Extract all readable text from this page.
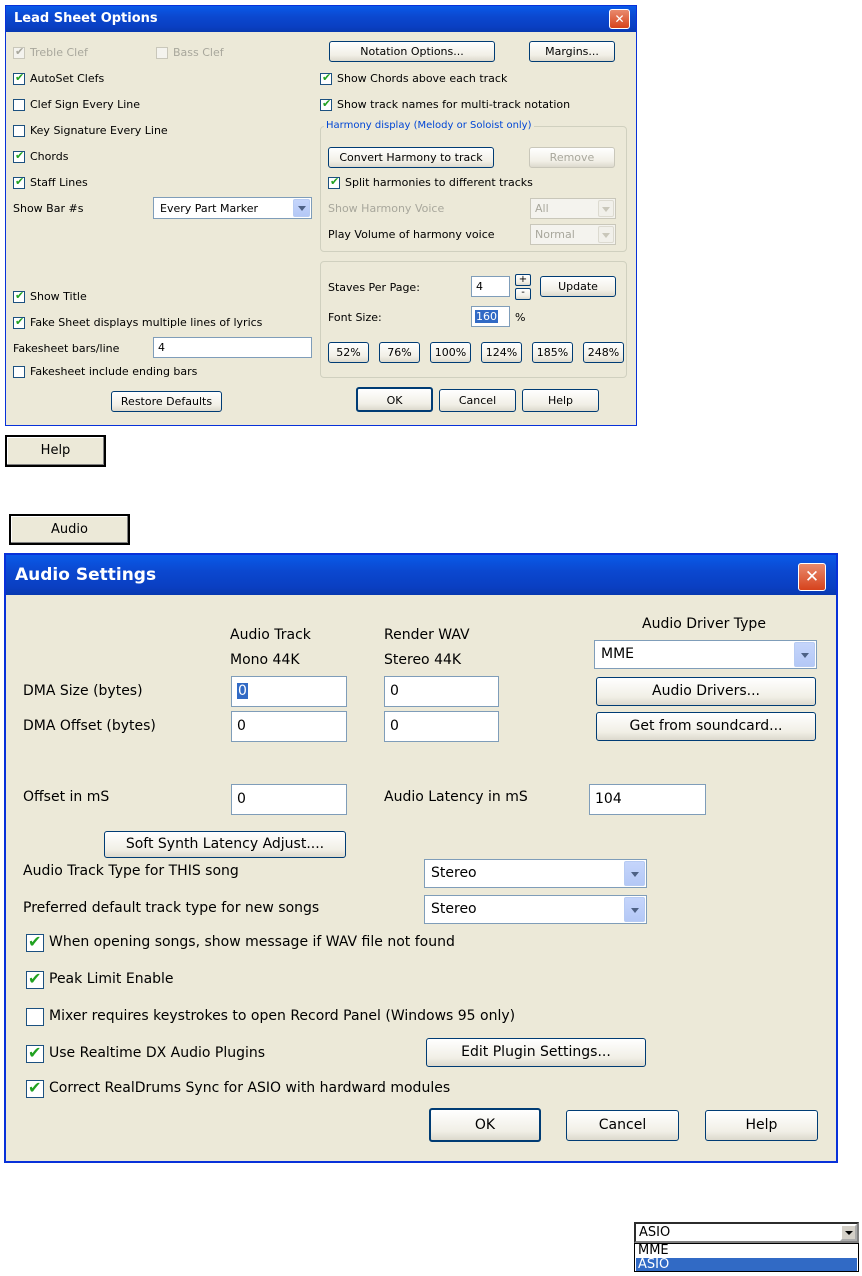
Lead Sheet Options	✕
✔ Treble Clef	Bass Clef
✔ AutoSet Clefs
Clef Sign Every Line
Key Signature Every Line
✔ Chords
✔ Staff Lines
Show Bar #s	Every Part Marker
✔ Show Title
✔ Fake Sheet displays multiple lines of lyrics
Fakesheet bars/line	4
Fakesheet include ending bars
Restore Defaults
Notation Options...	Margins...
✔ Show Chords above each track
✔ Show track names for multi-track notation
Harmony display (Melody or Soloist only)
Convert Harmony to track	Remove
✔ Split harmonies to different tracks
Show Harmony Voice	All
Play Volume of harmony voice	Normal
Staves Per Page:	4
+
-	Update
Font Size:	160 %
52%	76%	100%	124%	185%	248%
OK	Cancel	Help
Help
Audio
Audio Settings	✕
Audio Track
Mono 44K
Render WAV
Stereo 44K
Audio Driver Type
MME
DMA Size (bytes)	0	0	Audio Drivers...
DMA Offset (bytes)	0	0	Get from soundcard...
Offset in mS	0	Audio Latency in mS	104
Soft Synth Latency Adjust....
Audio Track Type for THIS song	Stereo
Preferred default track type for new songs	Stereo
✔ When opening songs, show message if WAV file not found
✔ Peak Limit Enable
Mixer requires keystrokes to open Record Panel (Windows 95 only)
✔ Use Realtime DX Audio Plugins	Edit Plugin Settings...
✔ Correct RealDrums Sync for ASIO with hardward modules
OK	Cancel	Help
ASIO
MME
ASIO
